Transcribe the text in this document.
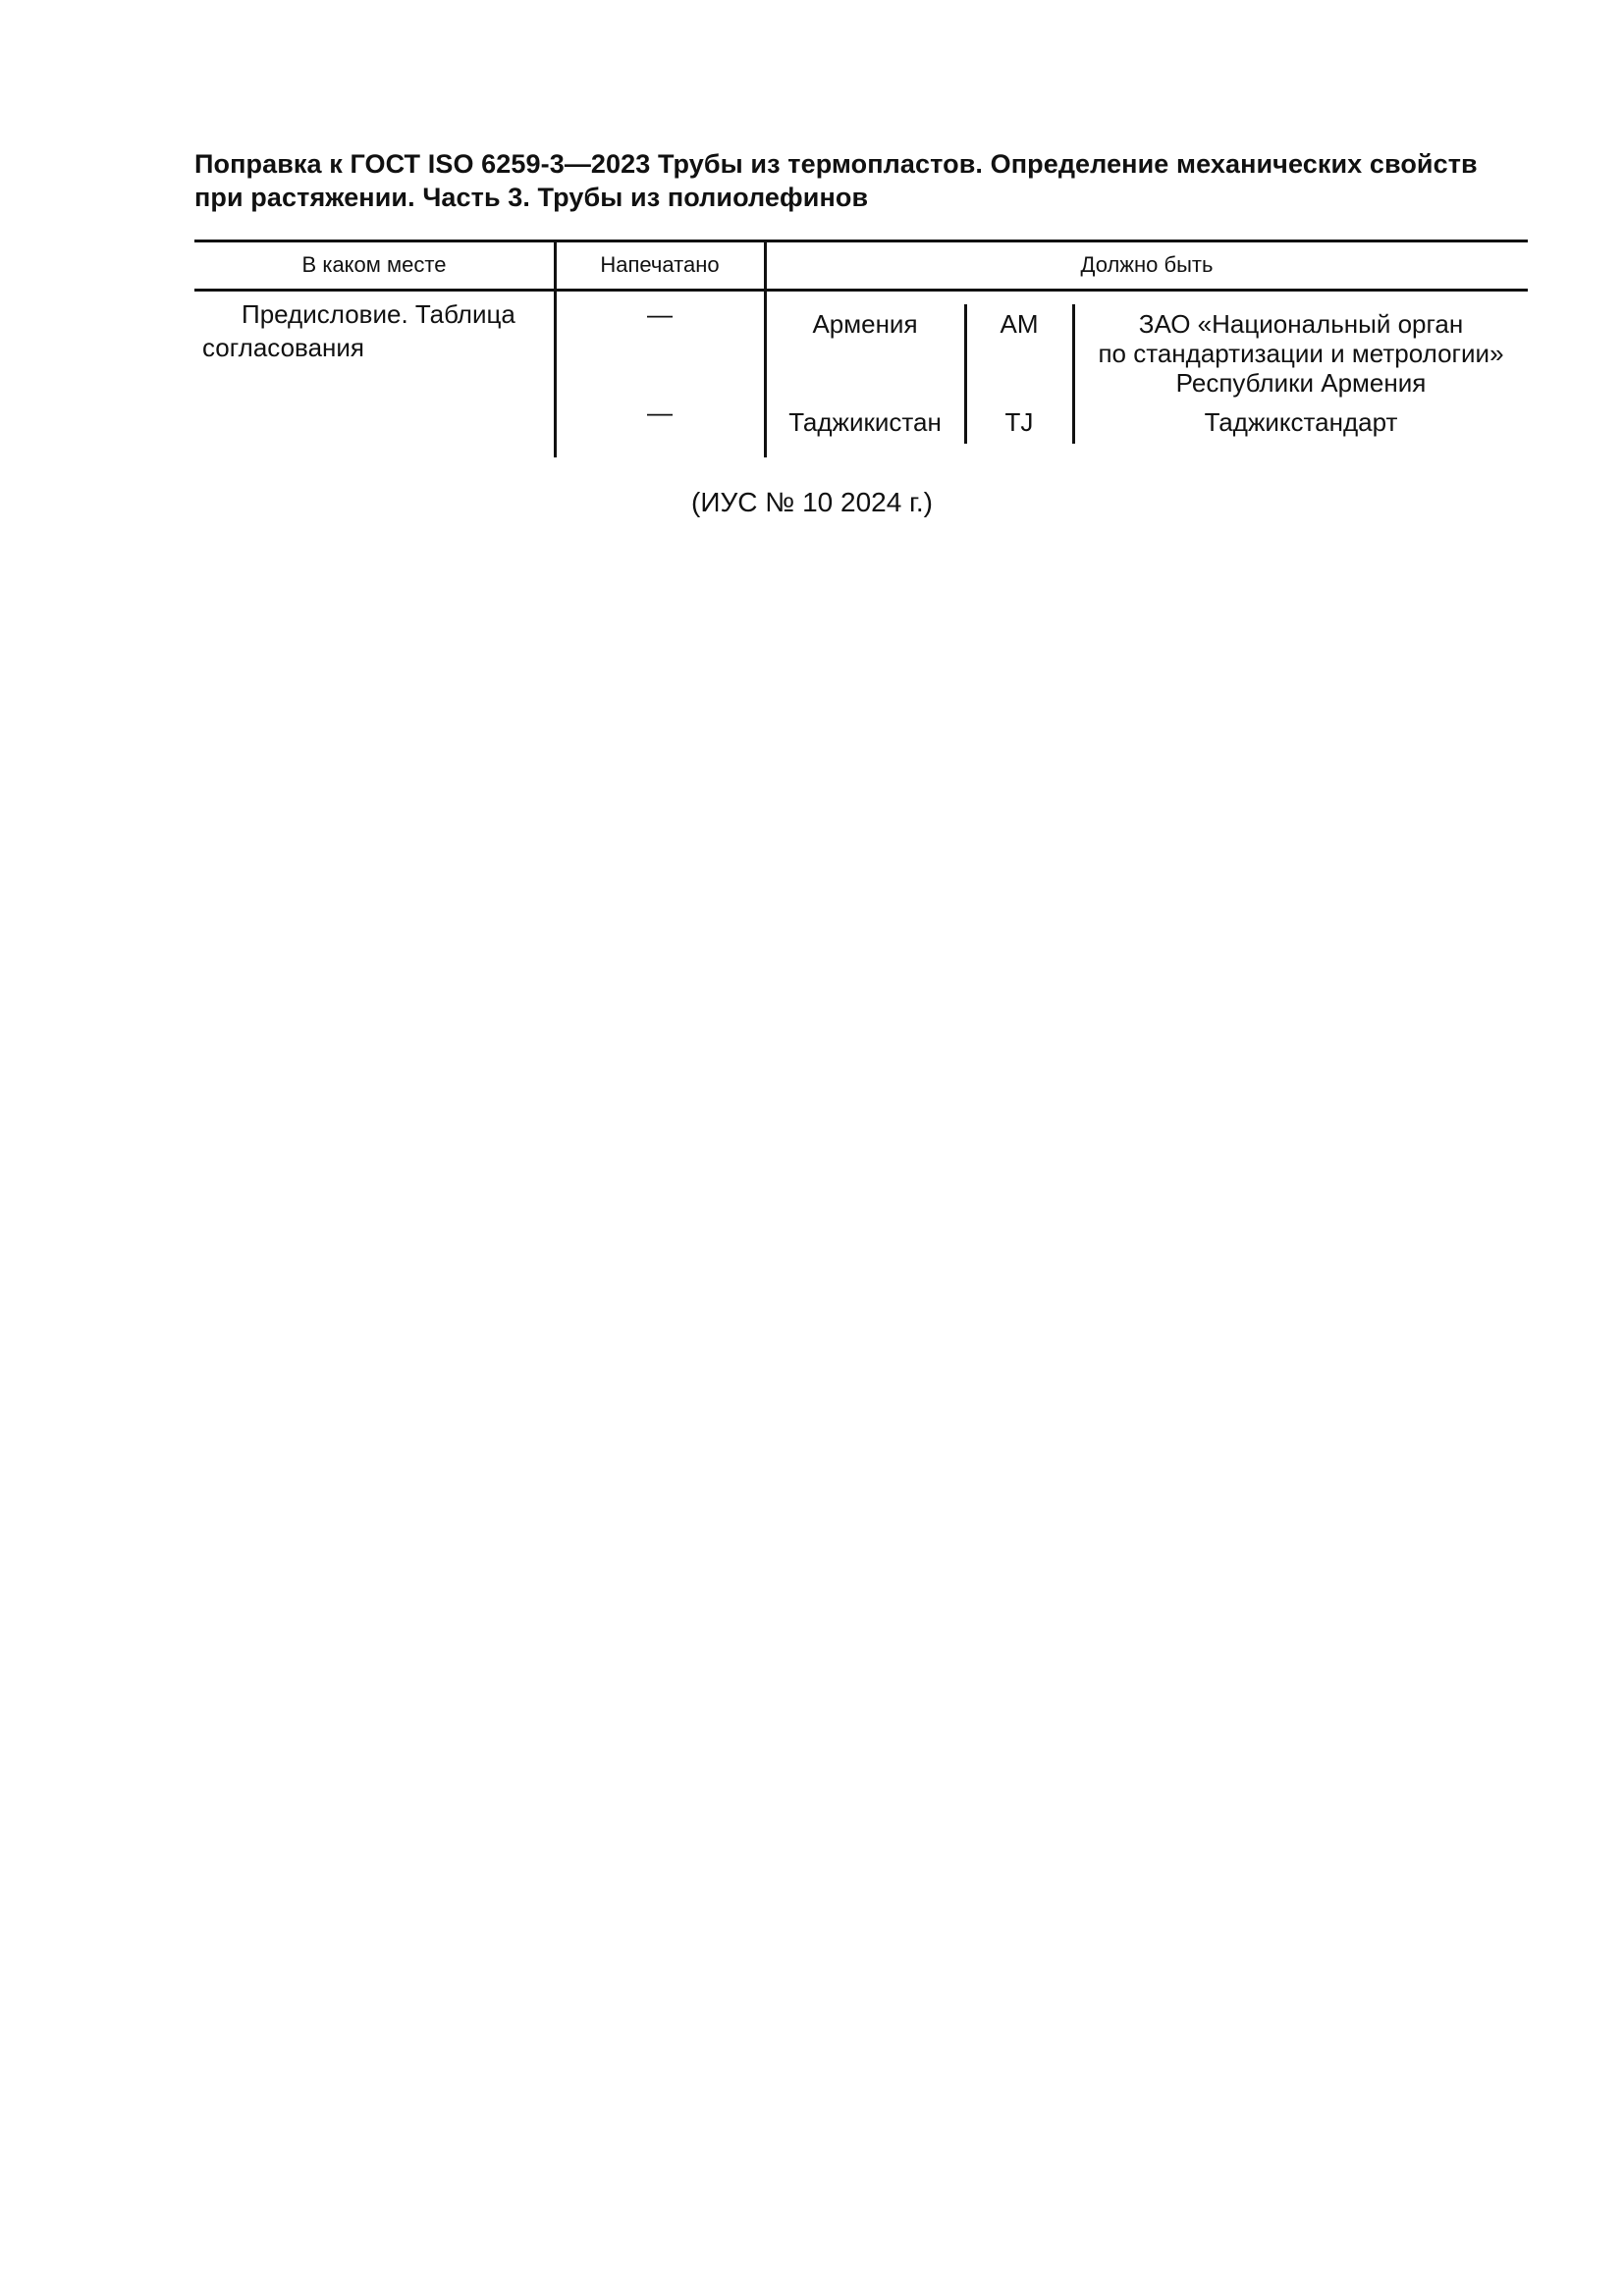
Поправка к ГОСТ ISO 6259-3—2023 Трубы из термопластов. Определение механических свойств
при растяжении. Часть 3. Трубы из полиолефинов
В каком месте	Напечатано	Должно быть
Предисловие. Таблица
согласования
—	Армения	AM	ЗАО «Национальный орган
по стандартизации и метрологии»
Республики Армения
—	Таджикистан	TJ	Таджикстандарт
(ИУС № 10 2024 г.)
